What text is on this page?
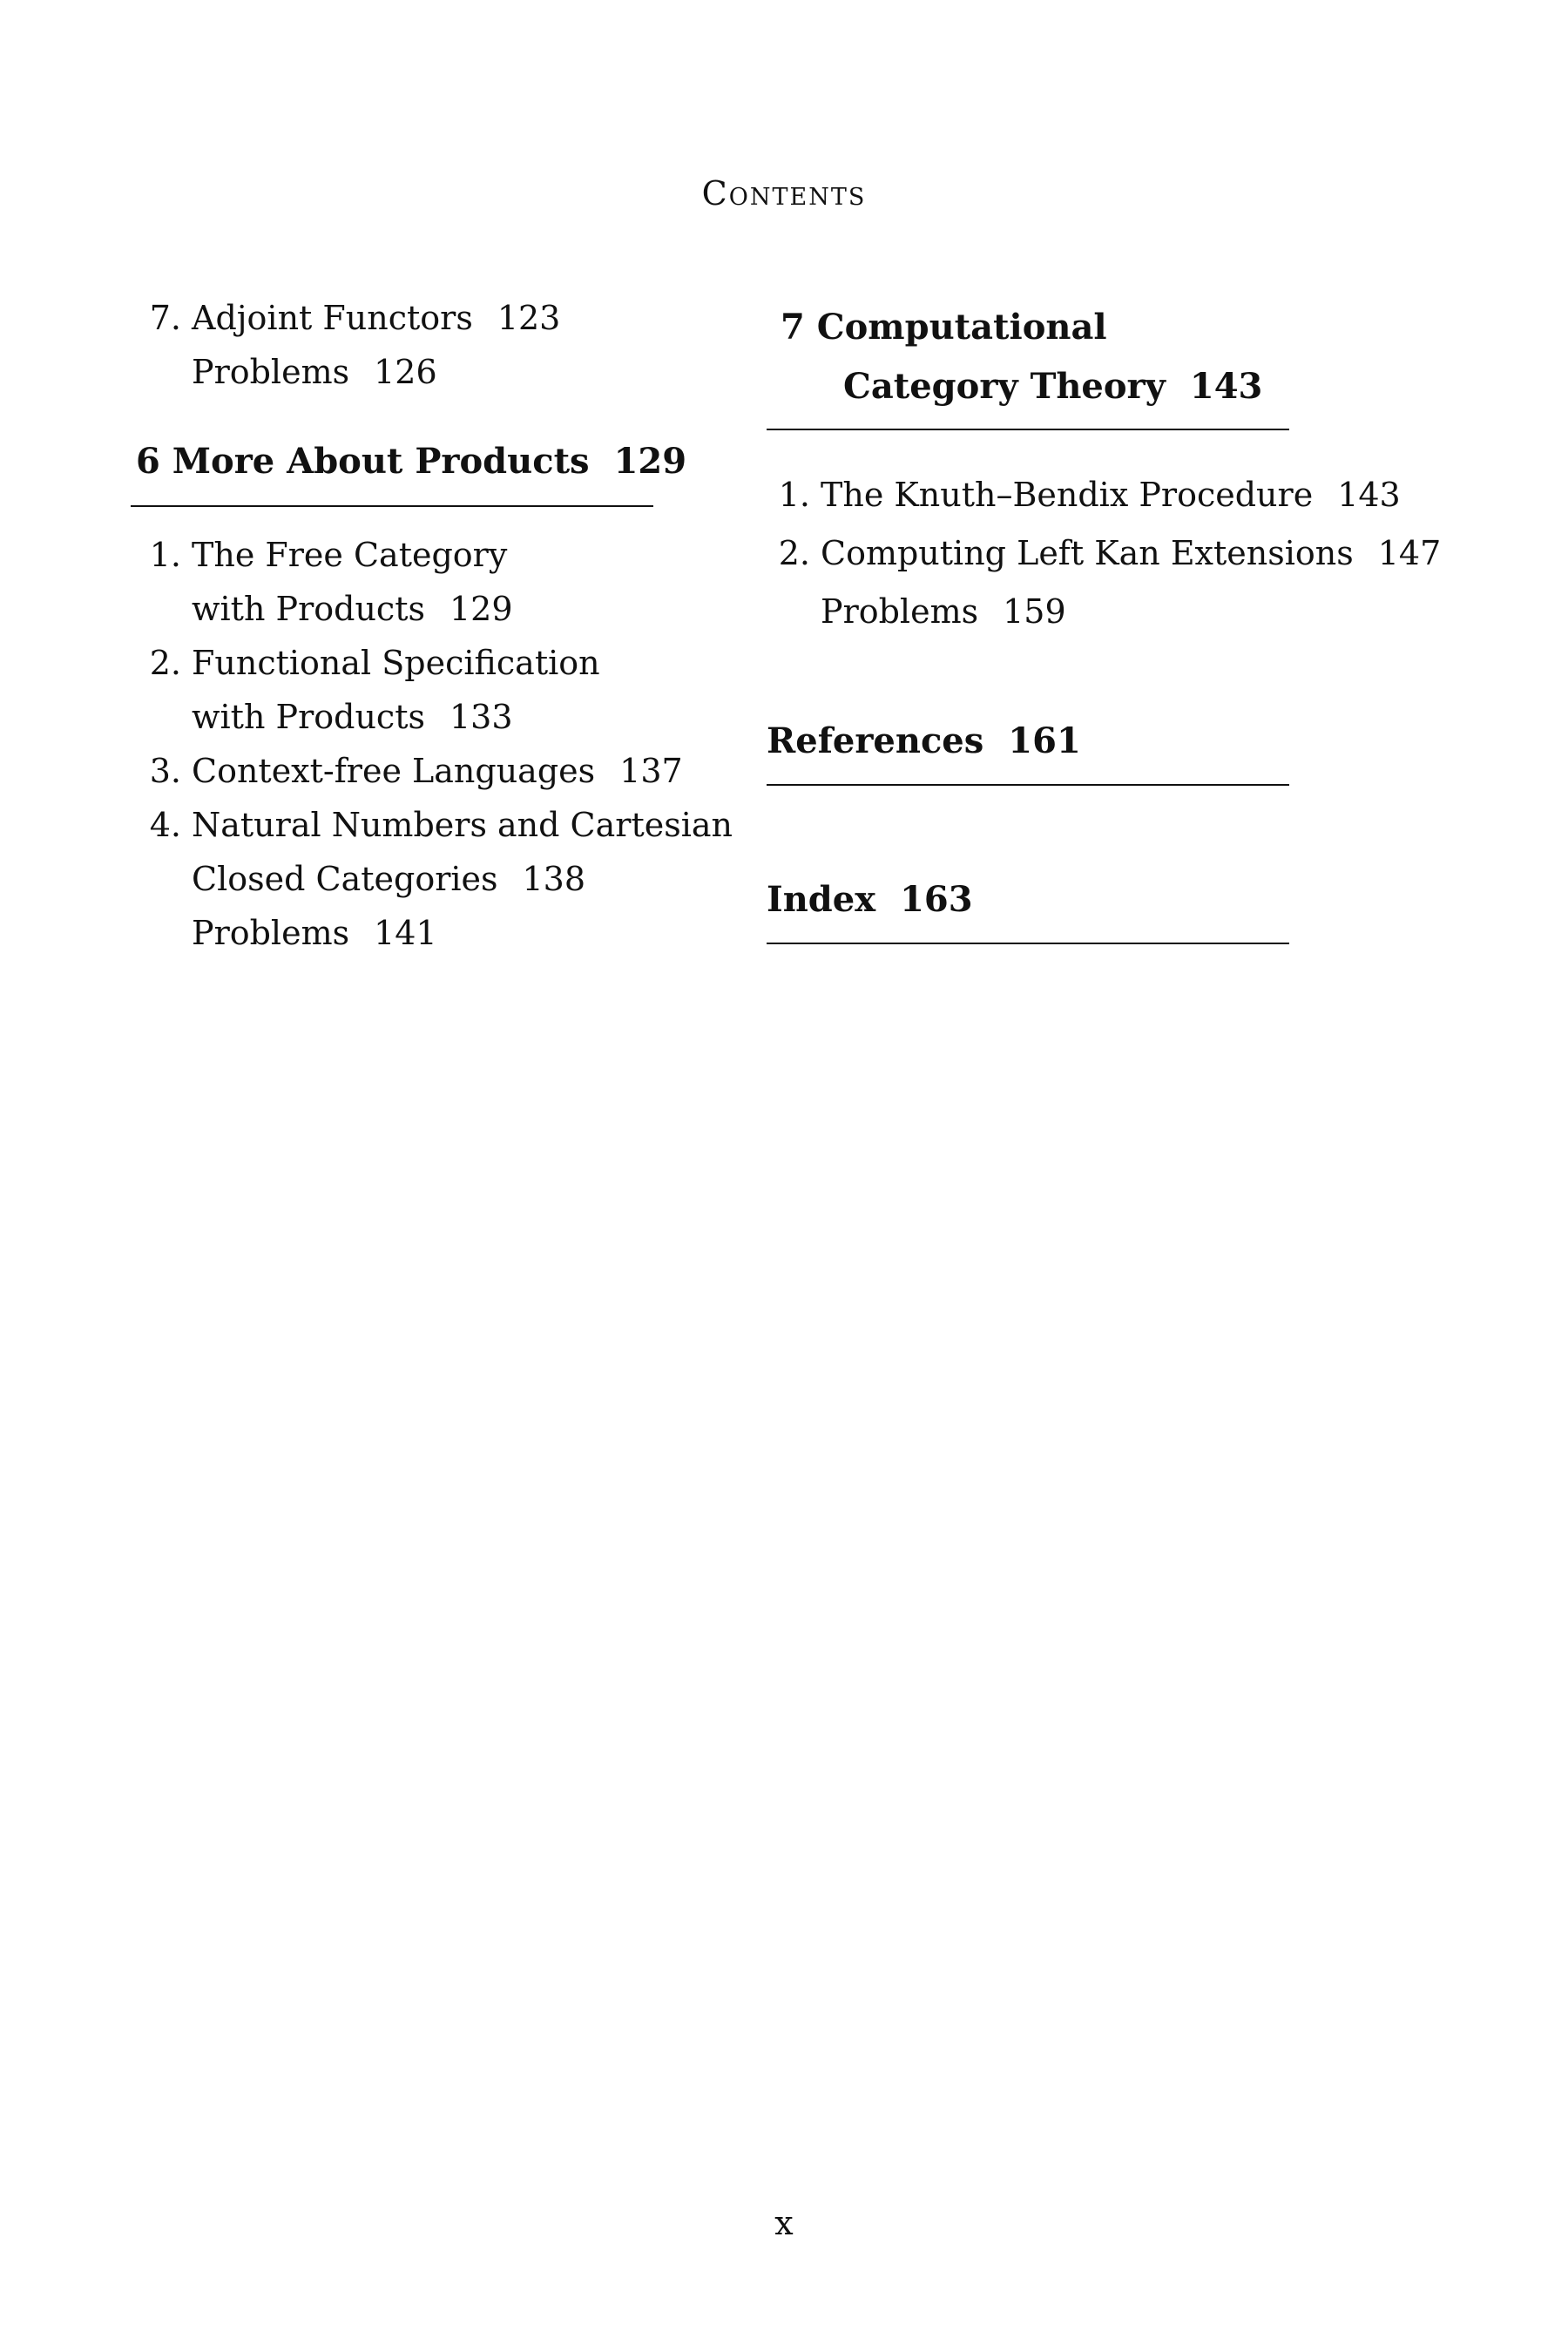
Contents
7. Adjoint Functors 123
Problems 126
6 More About Products 129
1. The Free Category
with Products 129
2. Functional Specification
with Products 133
3. Context-free Languages 137
4. Natural Numbers and Cartesian
Closed Categories 138
Problems 141
7 Computational
Category Theory 143
1. The Knuth–Bendix Procedure 143
2. Computing Left Kan Extensions 147
Problems 159
References 161
Index 163
x
